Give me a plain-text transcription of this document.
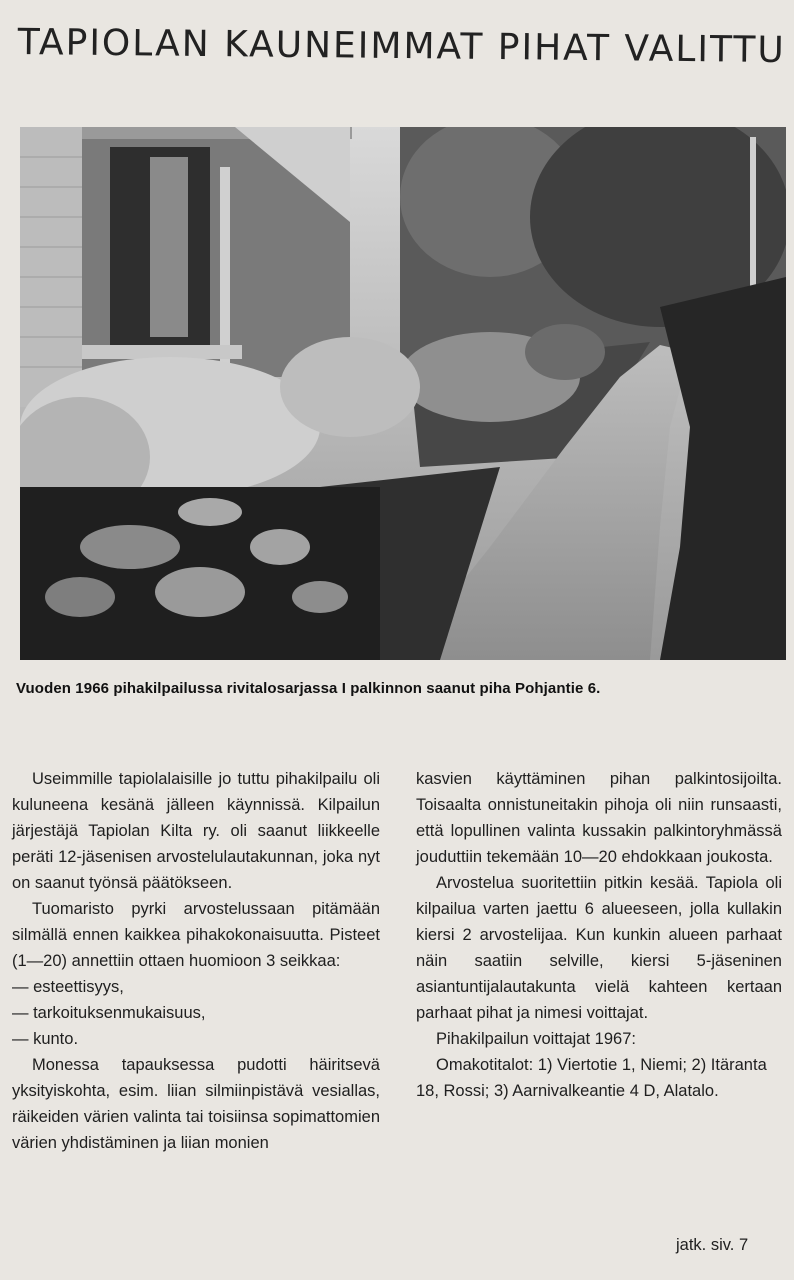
TAPIOLAN KAUNEIMMAT PIHAT VALITTU
Vuoden 1966 pihakilpailussa rivitalosarjassa I palkinnon saanut piha Pohjantie 6.

Useimmille tapiolalaisille jo tuttu pihakilpailu oli kuluneena kesänä jälleen käynnissä. Kilpailun järjestäjä Tapiolan Kilta ry. oli saanut liikkeelle peräti 12-jäsenisen arvostelulautakunnan, joka nyt on saanut työnsä päätökseen.

Tuomaristo pyrki arvostelussaan pitämään silmällä ennen kaikkea pihakokonaisuutta. Pisteet (1—20) annettiin ottaen huomioon 3 seikkaa:

— esteettisyys,

— tarkoituksenmukaisuus,

— kunto.

Monessa tapauksessa pudotti häiritsevä yksityiskohta, esim. liian silmiinpistävä vesiallas, räikeiden värien valinta tai toisiinsa sopimattomien värien yhdistäminen ja liian monien

kasvien käyttäminen pihan palkintosijoilta. Toisaalta onnistuneitakin pihoja oli niin runsaasti, että lopullinen valinta kussakin palkintoryhmässä jouduttiin tekemään 10—20 ehdokkaan joukosta.

Arvostelua suoritettiin pitkin kesää. Tapiola oli kilpailua varten jaettu 6 alueeseen, jolla kullakin kiersi 2 arvostelijaa. Kun kunkin alueen parhaat näin saatiin selville, kiersi 5-jäseninen asiantuntijalautakunta vielä kahteen kertaan parhaat pihat ja nimesi voittajat.

Pihakilpailun voittajat 1967:

Omakotitalot: 1) Viertotie 1, Niemi; 2) Itäranta 18, Rossi; 3) Aarnivalkeantie 4 D, Alatalo.

jatk. siv. 7
